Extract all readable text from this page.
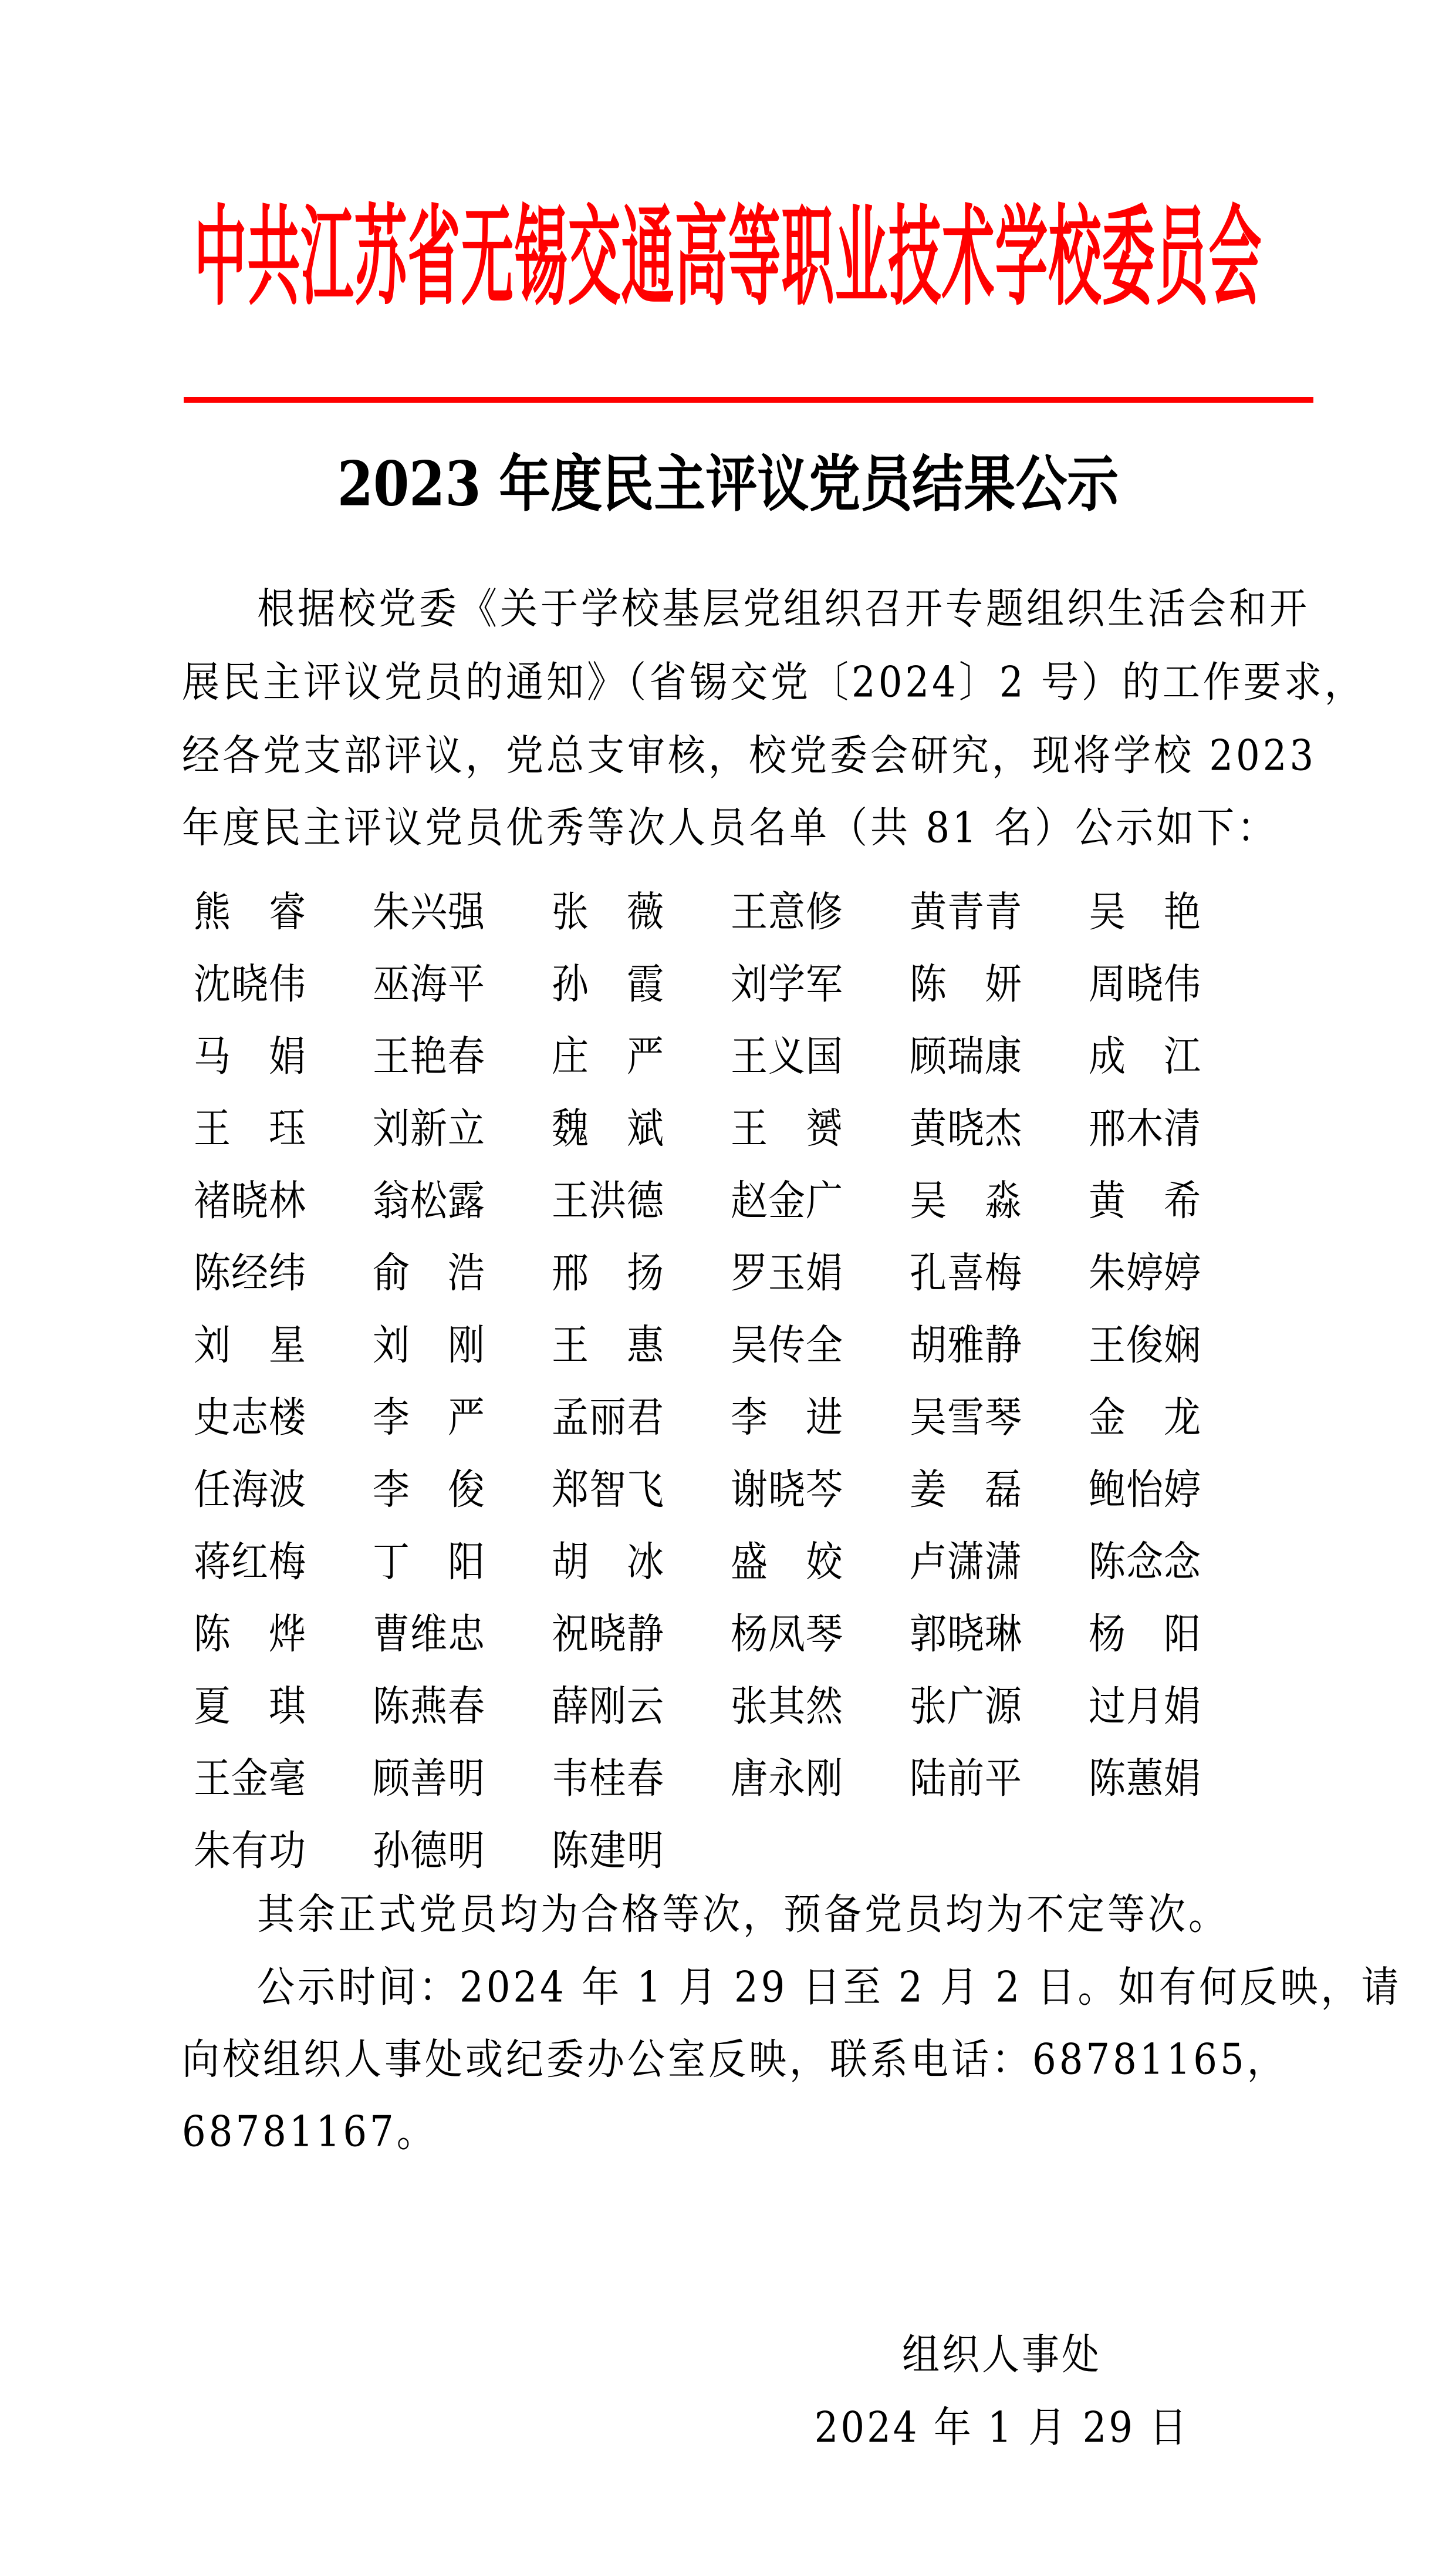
中共江苏省无锡交通高等职业技术学校委员会
2023 年度民主评议党员结果公示
根据校党委《关于学校基层党组织召开专题组织生活会和开
展民主评议党员的通知》（省锡交党〔2024〕2 号）的工作要求，
经各党支部评议，党总支审核，校党委会研究，现将学校 2023
年度民主评议党员优秀等次人员名单（共 81 名）公示如下：
熊　睿	朱兴强	张　薇	王意修	黄青青	吴　艳
沈晓伟	巫海平	孙　霞	刘学军	陈　妍	周晓伟
马　娟	王艳春	庄　严	王义国	顾瑞康	成　江
王　珏	刘新立	魏　斌	王　赟	黄晓杰	邢木清
褚晓林	翁松露	王洪德	赵金广	吴　淼	黄　希
陈经纬	俞　浩	邢　扬	罗玉娟	孔喜梅	朱婷婷
刘　星	刘　刚	王　惠	吴传全	胡雅静	王俊娴
史志楼	李　严	孟丽君	李　进	吴雪琴	金　龙
任海波	李　俊	郑智飞	谢晓芩	姜　磊	鲍怡婷
蒋红梅	丁　阳	胡　冰	盛　姣	卢潇潇	陈念念
陈　烨	曹维忠	祝晓静	杨凤琴	郭晓琳	杨　阳
夏　琪	陈燕春	薛刚云	张其然	张广源	过月娟
王金毫	顾善明	韦桂春	唐永刚	陆前平	陈蕙娟
朱有功	孙德明	陈建明
其余正式党员均为合格等次，预备党员均为不定等次。
公示时间：2024 年 1 月 29 日至 2 月 2 日。如有何反映，请
向校组织人事处或纪委办公室反映，联系电话：68781165，
68781167。
组织人事处
2024 年 1 月 29 日
